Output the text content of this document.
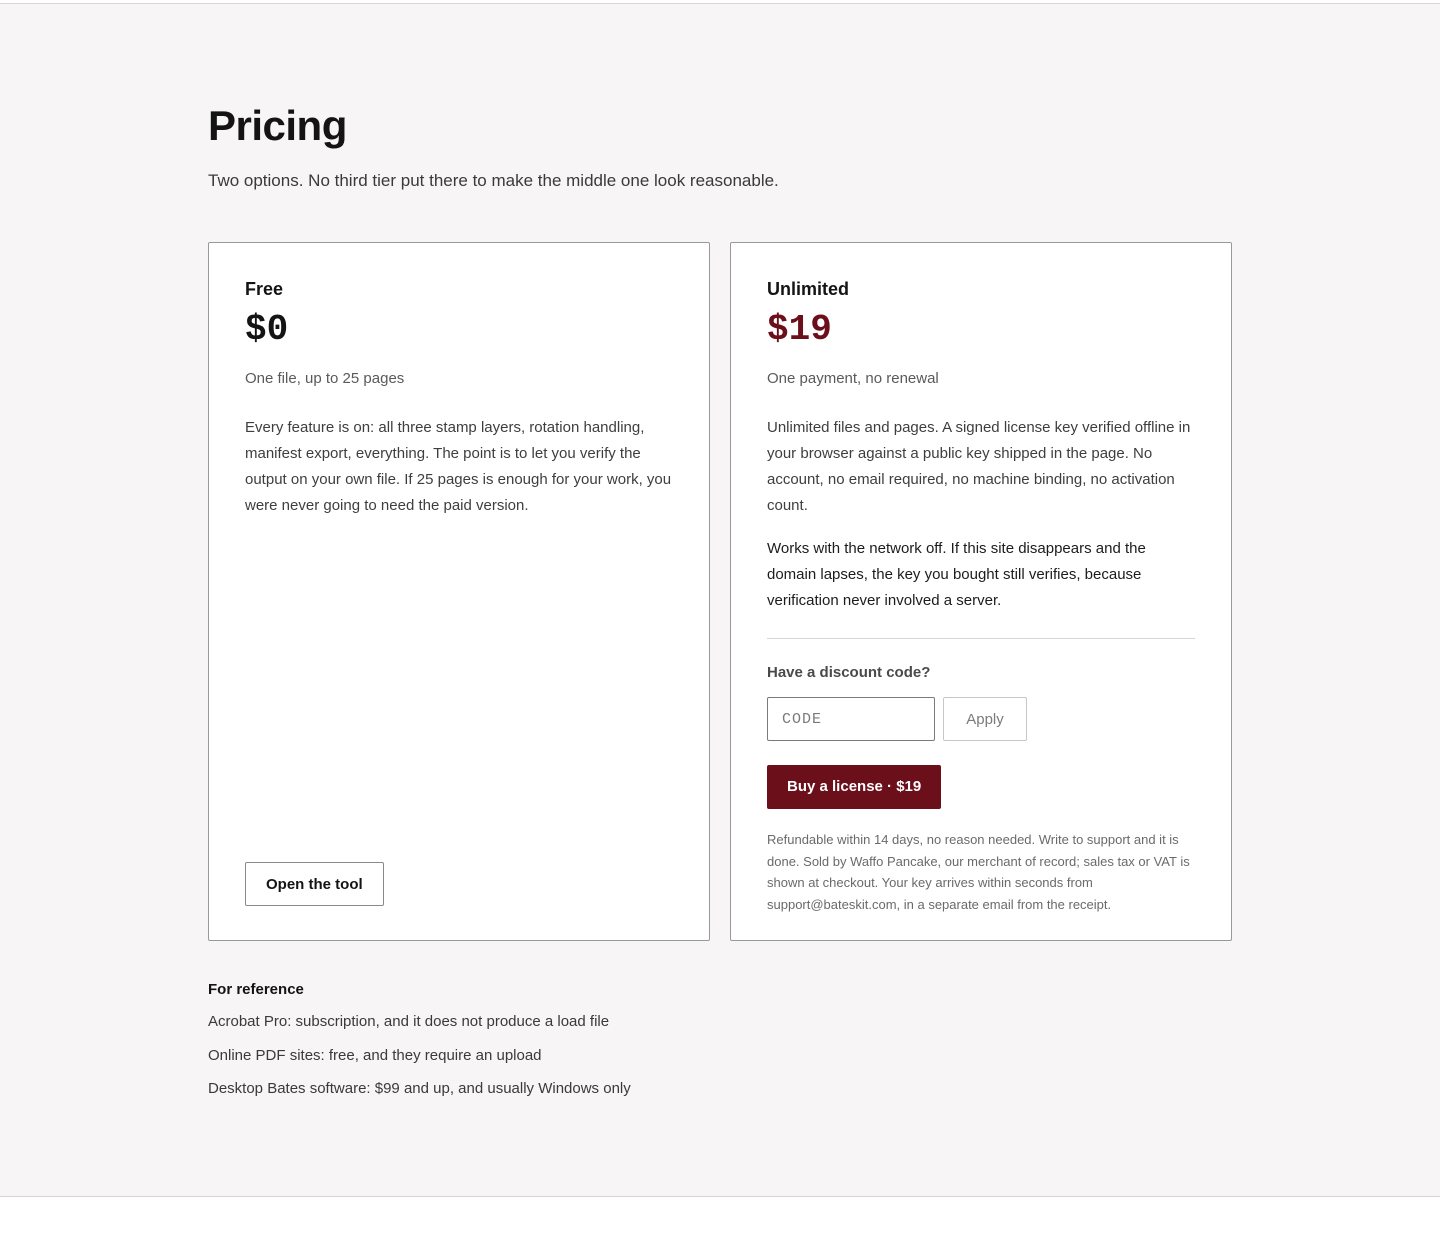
Pricing

Two options. No third tier put there to make the middle one look reasonable.

Free
$0
One file, up to 25 pages
Every feature is on: all three stamp layers, rotation handling, manifest export, everything. The point is to let you verify the output on your own file. If 25 pages is enough for your work, you were never going to need the paid version.
Open the tool
Unlimited
$19
One payment, no renewal
Unlimited files and pages. A signed license key verified offline in your browser against a public key shipped in the page. No account, no email required, no machine binding, no activation count.
Works with the network off. If this site disappears and the domain lapses, the key you bought still verifies, because verification never involved a server.
Have a discount code?
CODE
Apply
Buy a license · $19
Refundable within 14 days, no reason needed. Write to support and it is done. Sold by Waffo Pancake, our merchant of record; sales tax or VAT is shown at checkout. Your key arrives within seconds from support@bateskit.com, in a separate email from the receipt.
For reference
Acrobat Pro: subscription, and it does not produce a load file
Online PDF sites: free, and they require an upload
Desktop Bates software: $99 and up, and usually Windows only
